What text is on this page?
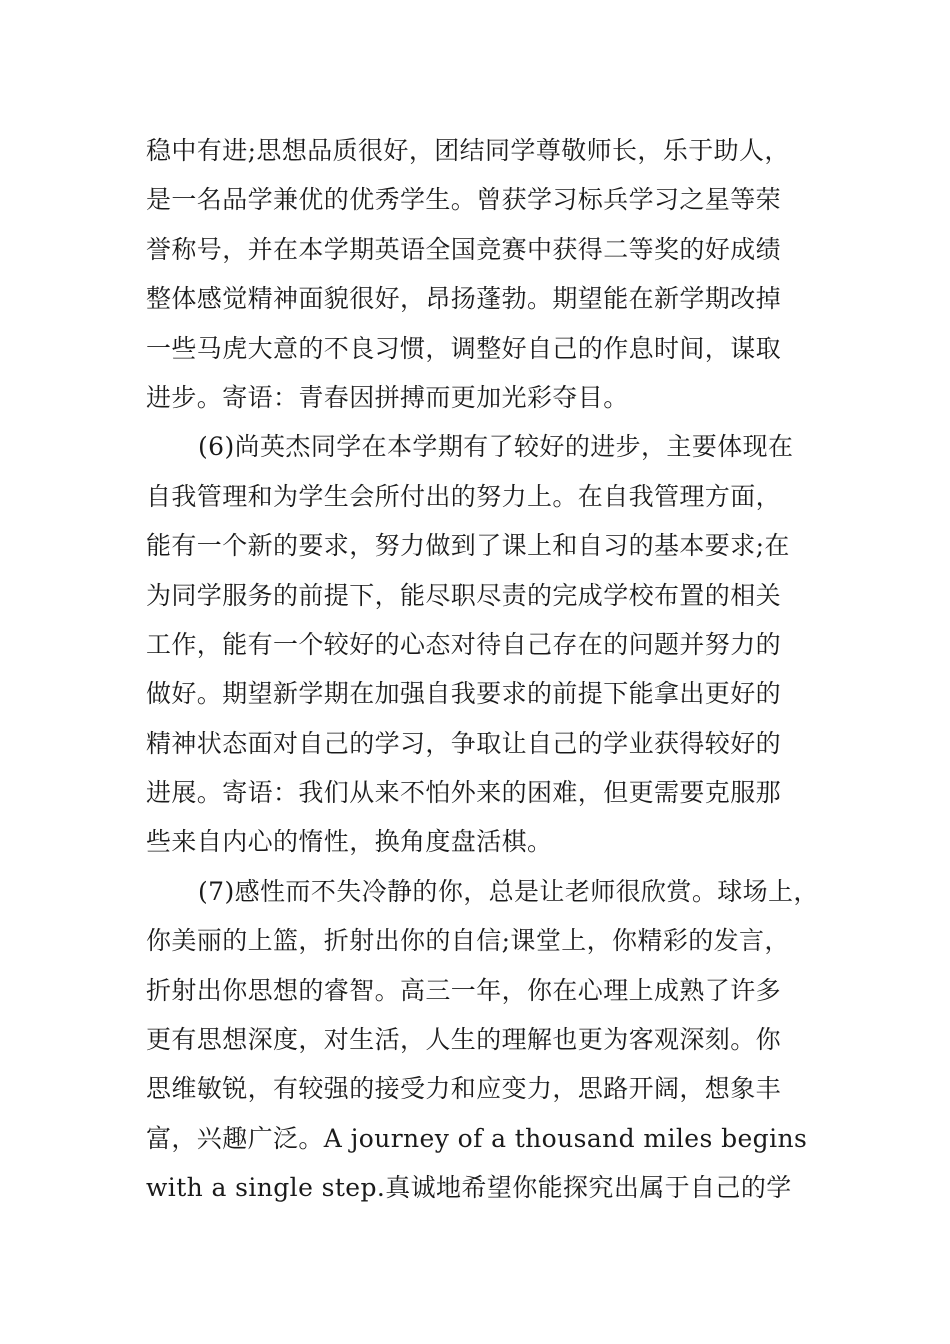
稳中有进;思想品质很好，团结同学尊敬师长，乐于助人，
是一名品学兼优的优秀学生。曾获学习标兵学习之星等荣
誉称号，并在本学期英语全国竞赛中获得二等奖的好成绩
整体感觉精神面貌很好，昂扬蓬勃。期望能在新学期改掉
一些马虎大意的不良习惯，调整好自己的作息时间，谋取
进步。寄语：青春因拼搏而更加光彩夺目。
(6)尚英杰同学在本学期有了较好的进步，主要体现在
自我管理和为学生会所付出的努力上。在自我管理方面，
能有一个新的要求，努力做到了课上和自习的基本要求;在
为同学服务的前提下，能尽职尽责的完成学校布置的相关
工作，能有一个较好的心态对待自己存在的问题并努力的
做好。期望新学期在加强自我要求的前提下能拿出更好的
精神状态面对自己的学习，争取让自己的学业获得较好的
进展。寄语：我们从来不怕外来的困难，但更需要克服那
些来自内心的惰性，换角度盘活棋。
(7)感性而不失冷静的你，总是让老师很欣赏。球场上，
你美丽的上篮，折射出你的自信;课堂上，你精彩的发言，
折射出你思想的睿智。高三一年，你在心理上成熟了许多
更有思想深度，对生活，人生的理解也更为客观深刻。你
思维敏锐，有较强的接受力和应变力，思路开阔，想象丰
富，兴趣广泛。A journey of a thousand miles begins
with a single step.真诚地希望你能探究出属于自己的学
